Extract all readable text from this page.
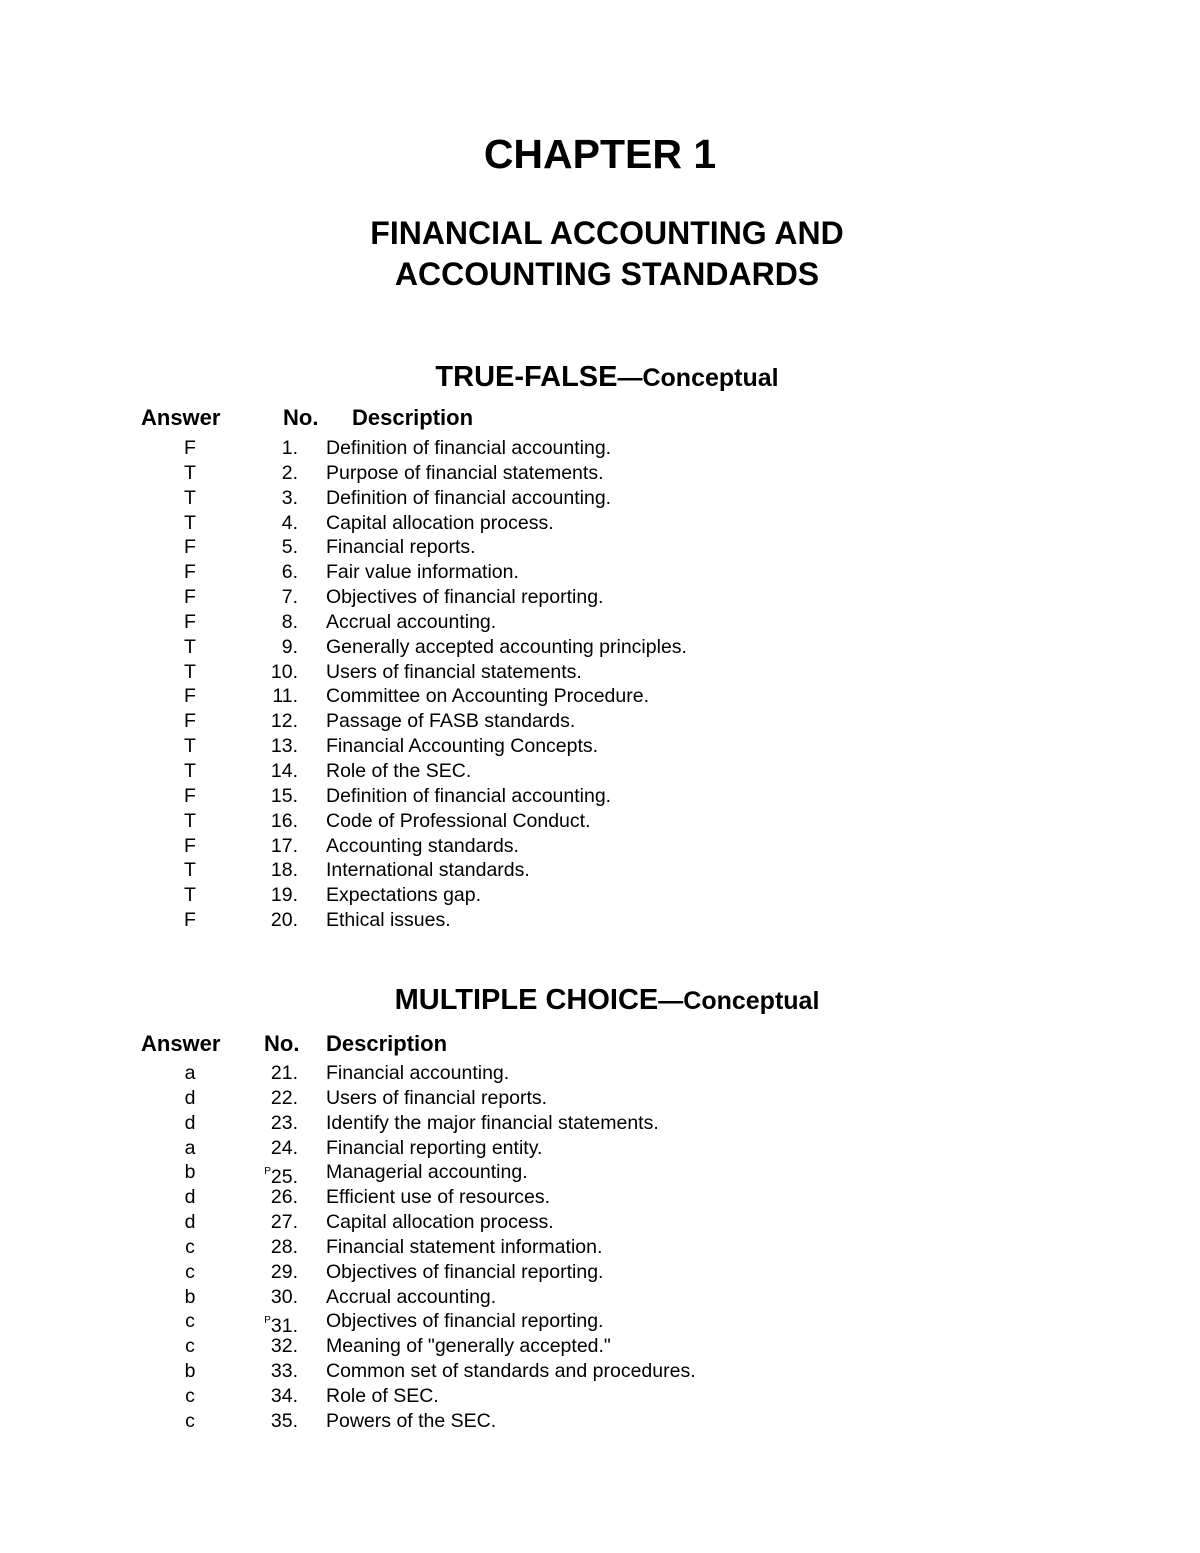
CHAPTER 1
FINANCIAL ACCOUNTING AND
ACCOUNTING STANDARDS
TRUE-FALSE—Conceptual
Answer	No. Description
F	1. Definition of financial accounting.
T	2. Purpose of financial statements.
T	3. Definition of financial accounting.
T	4. Capital allocation process.
F	5. Financial reports.
F	6. Fair value information.
F	7. Objectives of financial reporting.
F	8. Accrual accounting.
T	9. Generally accepted accounting principles.
T	10. Users of financial statements.
F	11. Committee on Accounting Procedure.
F	12. Passage of FASB standards.
T	13. Financial Accounting Concepts.
T	14. Role of the SEC.
F	15. Definition of financial accounting.
T	16. Code of Professional Conduct.
F	17. Accounting standards.
T	18. International standards.
T	19. Expectations gap.
F	20. Ethical issues.
MULTIPLE CHOICE—Conceptual
Answer No. Description
a	21. Financial accounting.
d	22. Users of financial reports.
d	23. Identify the major financial statements.
a	24. Financial reporting entity.
b	$^P$25. Managerial accounting.
d	26. Efficient use of resources.
d	27. Capital allocation process.
c	28. Financial statement information.
c	29. Objectives of financial reporting.
b	30. Accrual accounting.
c	$^P$31. Objectives of financial reporting.
c	32. Meaning of "generally accepted."
b	33. Common set of standards and procedures.
c	34. Role of SEC.
c	35. Powers of the SEC.
